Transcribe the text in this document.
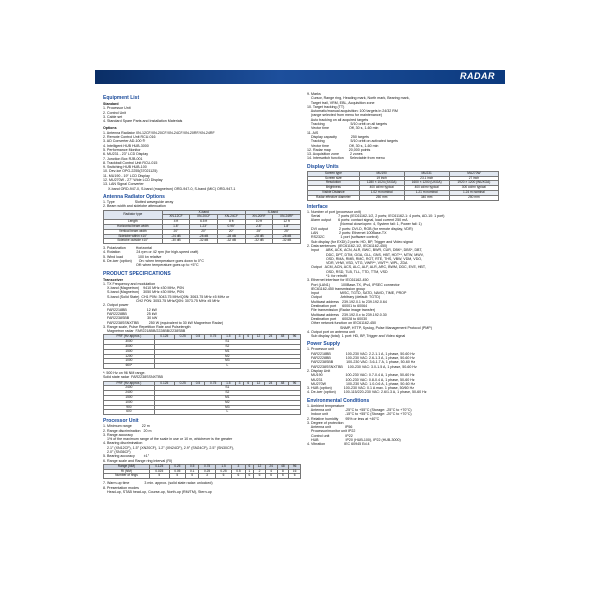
RADAR
Equipment List
Standard
1. Processor Unit
2. Control Unit
3. Cable set
4. Standard Spare Parts and Installation Materials
Options
1. Antenna Radiator XN-12CF/XN-20CF/XN-24CF/XN-20RF/XN-24RF
2. Remote Control Unit RCU-016
3. AD Converter AD-100 ®
4. Intelligent HUB HUB-3000
5. Performance Monitor
6. MU231 - 23" LCD Display
7. Junction Box RJB-001
8. Trackball Control Unit RCU-015
9. Switching HUB HUB-100
10. Dev-ice OPG-2255(37021125)
11. MU190 - 19" LCD Display
12. MU270W - 27" Wide LCD Display
13. LAN Signal Converter
X-band ORD-947-0, S-band (magnetron) ORD-947-0, S-band (MIC) ORD-947-1
Antenna Radiator Options
1. Type                    Slotted waveguide array
2. Beam width and sidelobe attenuation
Radiator type	X-band			S-band	
	XN-12CF	XN-20CF	XN-24CF	XN-20RF	XN-24RF
Length	4 ft	6.5 ft	8 ft	10 ft	12 ft
Horizontal beam width	1.8°	1.23°	0.95°	2.8°	1.8°
Vertical beam width	20°	20°	20°	25°	25°
Sidelobe within ±10°	-24 dB	-28 dB	-28 dB	-28 dB	-28 dB
Sidelobe outside ±10°	-30 dB	-32 dB	-32 dB	-32 dB	-32 dB
3. Polarization          Horizontal
4. Rotation                24 rpm or 42 rpm (for high-speed craft)
5. Wind load               100 kn relative
6. De-icer (option)       On: when temperature goes down to 0°C
Off: when temperature goes up to +5°C
PRODUCT SPECIFICATIONS
Transceiver
1. TX Frequency and modulation
X-band (Magnetron)    9410 MHz ±30 MHz, P0N
S-band (Magnetron)    3050 MHz ±30 MHz, P0N
S-band (Solid State)  CH1 P0N: 3043.75 MHz/Q0N: 3063.75 MHz ±5 MHz or
CH2 P0N: 3053.75 MHz/Q0N: 3073.75 MHz ±5 MHz
2. Output power
FAR2218BB                    12 kW
FAR2228BB                    25 kW
FAR2238SBB                  30 kW
FAR2238SSNXTBB          250 W (equivalent to 30 kW Magnetron Radar)
3. Range scale, Pulse Repetition Rate and Pulselength
Magnetron radar  FAR2218BB/2228BB/2238SBB
PRF (Hz approx.)	0.125	0.25	0.5	0.75	1.5	3	6	12	24	48	96
3000	S1										
3000	S2										
1500	M1										
1200	M2										
1000	M3										
600*	L										
*: 500 Hz on 96 NM range.
Solid state radar  FAR2238SSNXTBB
PRF (Hz approx.)	0.125	0.25	0.5	0.75	1.5	3	6	12	24	48	96
2400	S1										
2400	S2										
1500	M1										
1000	M2										
900	M3										
600	L										
Processor Unit
1. Minimum range          22 m
2. Range discrimination   20 m
3. Range accuracy
1% of the maximum range of the scale in use or 10 m, whichever is the greater
4. Bearing discrimination
2.1° (XN12CF), 1.5° (XN20CF), 1.2° (XN24CF), 2.9° (SN24CF), 2.5° (SN30CF),
2.0° (SN36CF)
5. Bearing accuracy         ±1°
6. Range scale and Range ring interval (RI)
Range (NM)	0.125	0.25	0.5	0.75	1.5	3	6	12	24	48	96
RI (NM)	0.025	0.05	0.1	0.25	0.25	0.5	1	2	4	8	16
Number of rings	5	5	5	3	6	6	6	6	6	6	6
7. Warm-up time               3 min. approx. (solid state radar: unlocked)
8. Presentation modes
Head-up, STAB head-up, Course-up, North-up (RM/TM), Stern-up
9. Marks
Cursor, Range ring, Heading mark, North mark, Bearing mark,
Target trail, VRM, EBL, Acquisition zone
10. Target tracking (TT)
Automatic/manual acquisition: 100 targets in 24/32 RM
(range selected from menu for maintenance)
Auto tracking on all acquired targets
Tracking                          5/10 orbit on all targets
Vector time                    Off, 30 s, 1-60 min
11. AIS
Display capacity              250 targets
Tracking                          5/10 orbit on activated targets
Vector time                    Off, 30 s, 1-60 min
12. Radar map                  20,000 points
13. Acquisition zone           2 zones
14. Interswitch function      Selectable from menu
Display Units
Screen type	MU190	MU231	MU270W
Screen size	19 inch	23.1 inch	27 inch
Resolution	1280 × 1024 (SXGA)	1600 × 1200 (UXGA)	1920 × 1200 (WUXGA)
Brightness	400 cd/m² typical	400 cd/m² typical	300 cd/m² typical
Visible Distance	1.02 m nominal	1.21 m nominal	1.24 m nominal
Radar effective diameter	250 mm	340 mm	250 mm
Interface
1. Number of port (processor unit)
Serial                  7 ports (IEC61162-1/2, 2 ports; IEC61162-1: 4 ports, AD-10: 1 port)
Alarm output       6 ports: contact signal, load current 250 mA
(Normal close/open: 4, System fail: 1, Power fail: 1)
DVI output           2 ports: DVI-D, RGB (for remote display, VDR)
LAN                     2 ports: Ethernet 100Base-TX
RS232C                1 port (software control)
Sub display (for EXDI) 2 ports: HD, BP, Trigger and Video signal
2. Data sentences  (IEC61162-1/2, IEC61162-450)
Input       ABK, ACK, ACN, ALR, BWC, BWR, CUR, DBK*, DBS*, DBT,
DDC, DPT, DTM, GGA, GLL, GNS, HBT, HDT**, MTW, MWV,
OSD, RMA, RMB, RMC, ROT, RTE, THS, VBW, VDM, VDO,
VDR, VHW, VSD, VTG, VWR**, VWT**, WPL, ZDA
Output   ACM, ACN, ACS, ALC, ALF, ALR, ARC, BWM, DDC, EVE, HBT,
OSD, RSD, TLB, TLL, TTD, TTM, VSD
*1: for retrofit
3. Ethernet interface for IEC61162-450
Port (LAN1)           100Base-TX, IPv4, IPSEC connector
IEC61162-450 transmission group
Input                     MISC, TGTD, SATD, NAVD, TIME, PROP
Output                   Arbitrary (default: TGTD)
Multicast address   239.192.0.1 to 239.192.0.64
Destination port      60001 to 60064
File transmission (Radar image transfer)
Multicast address   239.192.0.x to 239.192.0.30
Destination port      60028 to 60030
Other network function on IEC61162-450
SNMP, HTTP, Syslog, Pulse Management Protocol (PMP)
4. Output port on antenna unit
Sub display (total)  1 port: HD, BP, Trigger and Video signal
Power Supply
1. Processor unit
FAR2218BB               100-230 VAC: 2.2-1.1 A, 1 phase, 50-60 Hz
FAR2228BB               100-230 VAC: 2.6-1.3 A, 1 phase, 50-60 Hz
FAR2238SBB             100-230 VAC: 3.6-1.7 A, 1 phase, 50-60 Hz
FAR2238SSNXTBB     100-230 VAC: 3.0-1.5 A, 1 phase, 50-60 Hz
2. Display Unit
MU190                       100-230 VAC: 0.7-0.4 A, 1 phase, 50-60 Hz
MU231                       100-230 VAC: 0.8-0.4 A, 1 phase, 50-60 Hz
MU270W                    100-230 VAC: 1.0-0.6 A, 1 phase, 50-60 Hz
3. HUB (option)            100-230 VAC: 0.1 A max. 1 phase, 50/60 Hz
4. De-icer (option)        100-115/220-230 VAC: 2.6/1.3 A, 1 phase, 50-60 Hz
Environmental Conditions
1. Ambient temperature
Antenna unit              -25°C to +55°C (Storage: -25°C to +70°C)
Indoor unit                 -15°C to +55°C (Storage: -20°C to +70°C)
2. Relative humidity       95% or less at +40°C
3. Degree of protection
Antenna unit              IP56
Processor/monitor unit IP22
Control unit                IP22
HUB                           IP20 (HUB-100), IP22 (HUB-3000)
4. Vibration                   IEC 60945 Ed.4
